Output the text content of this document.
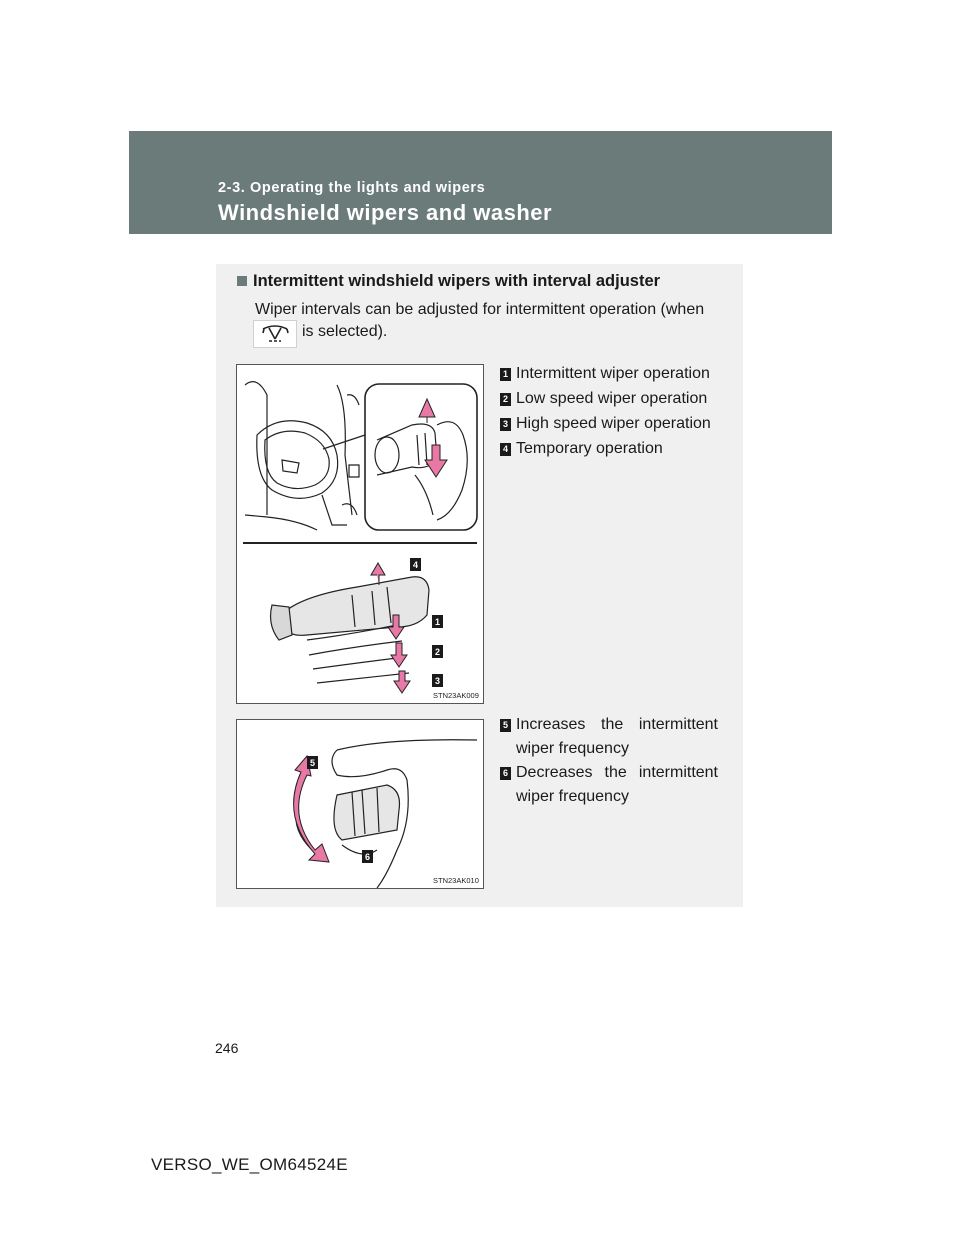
2-3. Operating the lights and wipers
Windshield wipers and washer
Intermittent windshield wipers with interval adjuster
Wiper intervals can be adjusted for intermittent operation (when
is selected).
4
1
2
3
STN23AK009
1 Intermittent wiper operation
2 Low speed wiper operation
3 High speed wiper operation
4 Temporary operation
5
6
STN23AK010
5 Increases the intermittent wiper frequency
6 Decreases the intermittent wiper frequency
246
VERSO_WE_OM64524E
